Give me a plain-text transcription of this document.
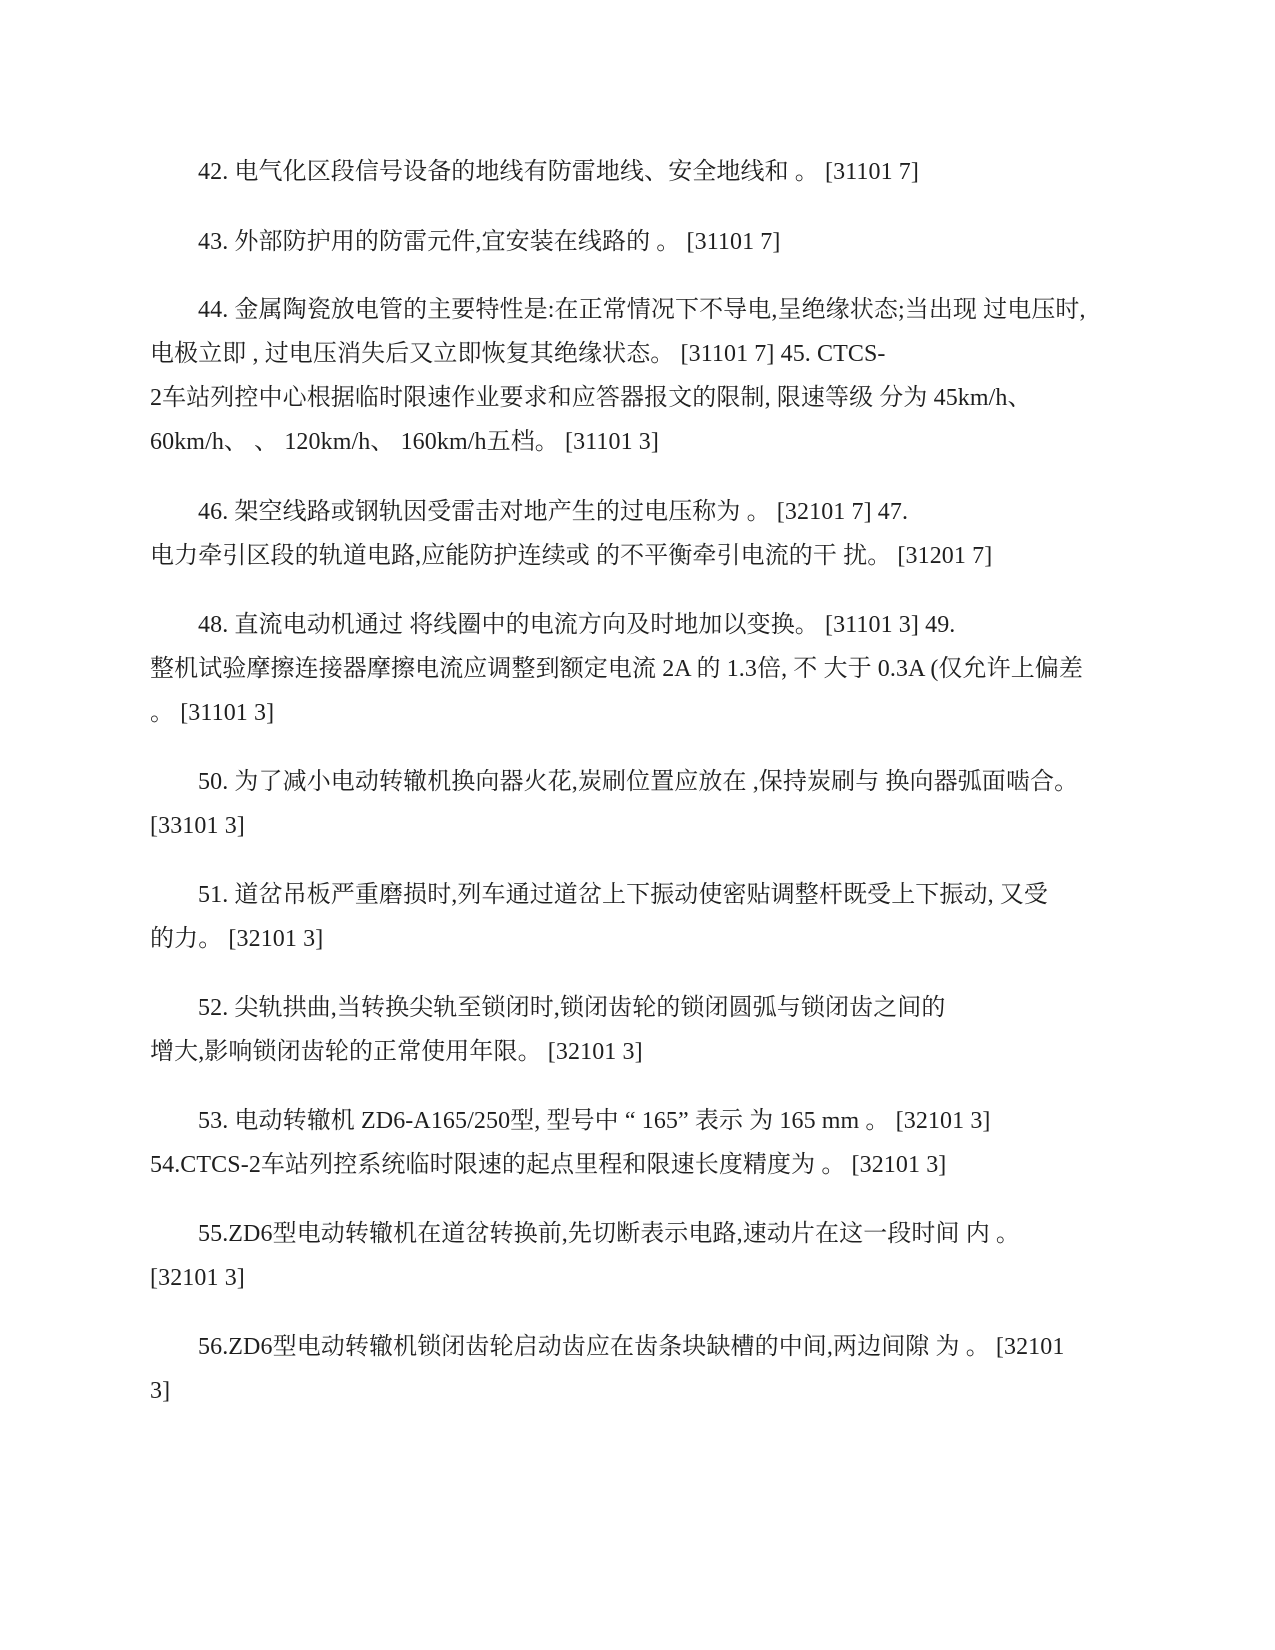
42. 电气化区段信号设备的地线有防雷地线、安全地线和 。 [31101 7]
43. 外部防护用的防雷元件,宜安装在线路的 。 [31101 7]
44. 金属陶瓷放电管的主要特性是:在正常情况下不导电,呈绝缘状态;当出现 过电压时,
电极立即 , 过电压消失后又立即恢复其绝缘状态。 [31101 7] 45. CTCS-
2车站列控中心根据临时限速作业要求和应答器报文的限制, 限速等级 分为 45km/h、
60km/h、 、 120km/h、 160km/h五档。 [31101 3]
46. 架空线路或钢轨因受雷击对地产生的过电压称为 。 [32101 7] 47.
电力牵引区段的轨道电路,应能防护连续或 的不平衡牵引电流的干 扰。 [31201 7]
48. 直流电动机通过 将线圈中的电流方向及时地加以变换。 [31101 3] 49.
整机试验摩擦连接器摩擦电流应调整到额定电流 2A 的 1.3倍, 不 大于 0.3A (仅允许上偏差
。 [31101 3]
50. 为了减小电动转辙机换向器火花,炭刷位置应放在 ,保持炭刷与 换向器弧面啮合。
[33101 3]
51. 道岔吊板严重磨损时,列车通过道岔上下振动使密贴调整杆既受上下振动, 又受
的力。 [32101 3]
52. 尖轨拱曲,当转换尖轨至锁闭时,锁闭齿轮的锁闭圆弧与锁闭齿之间的
增大,影响锁闭齿轮的正常使用年限。 [32101 3]
53. 电动转辙机 ZD6-A165/250型, 型号中 “ 165” 表示 为 165 mm 。 [32101 3]
54.CTCS-2车站列控系统临时限速的起点里程和限速长度精度为 。 [32101 3]
55.ZD6型电动转辙机在道岔转换前,先切断表示电路,速动片在这一段时间 内 。
[32101 3]
56.ZD6型电动转辙机锁闭齿轮启动齿应在齿条块缺槽的中间,两边间隙 为 。 [32101
3]
